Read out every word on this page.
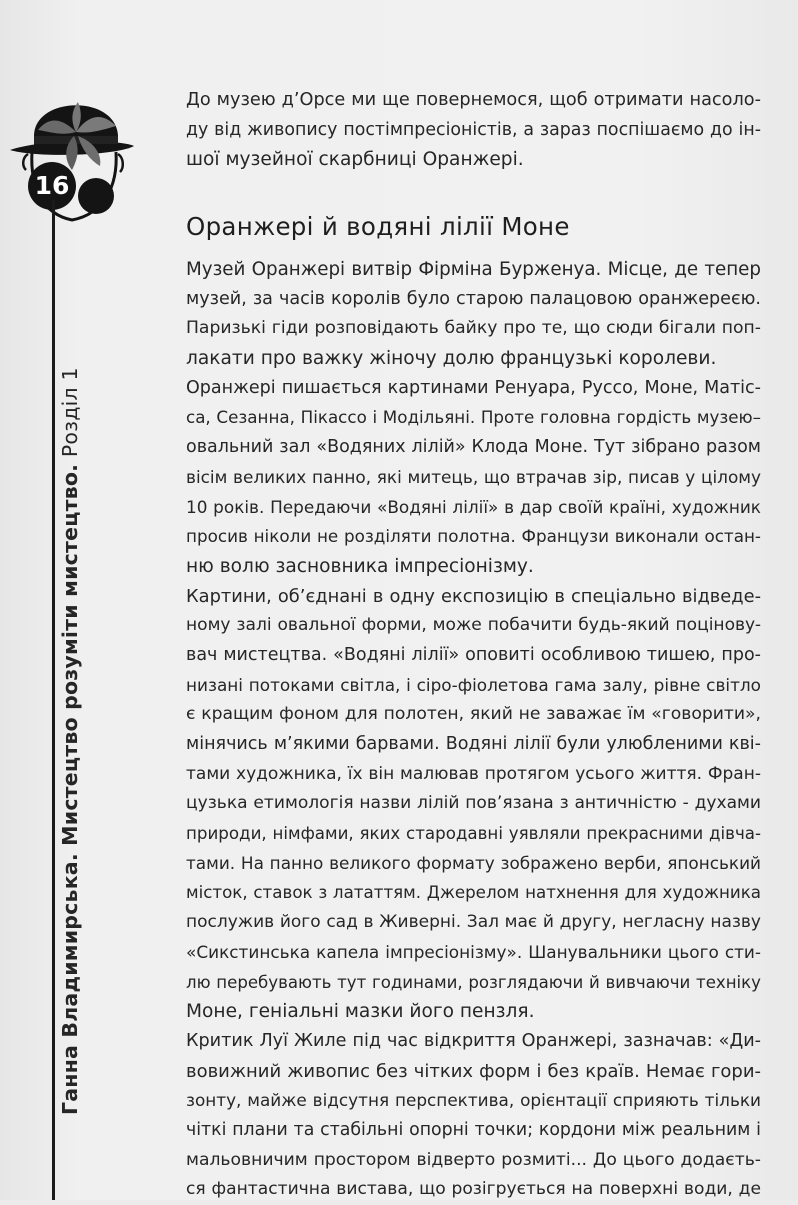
16
Ганна Владимирська. Мистецтво розуміти мистецтво. Розділ 1
До музею д’Орсе ми ще повернемося, щоб отримати насоло-
ду від живопису постімпресіоністів, а зараз поспішаємо до ін-
шої музейної скарбниці Оранжері.
Оранжері й водяні лілії Моне
Музей Оранжері витвір Фірміна Бурженуа. Місце, де тепер
музей, за часів королів було старою палацовою оранжереєю.
Паризькі гіди розповідають байку про те, що сюди бігали поп-
лакати про важку жіночу долю французькі королеви.
Оранжері пишається картинами Ренуара, Руссо, Моне, Матіс-
са, Сезанна, Пікассо і Модільяні. Проте головна гордість музею–
овальний зал «Водяних лілій» Клода Моне. Тут зібрано разом
вісім великих панно, які митець, що втрачав зір, писав у цілому
10 років. Передаючи «Водяні лілії» в дар своїй країні, художник
просив ніколи не розділяти полотна. Французи виконали остан-
ню волю засновника імпресіонізму.
Картини, об’єднані в одну експозицію в спеціально відведе-
ному залі овальної форми, може побачити будь-який поціновy-
вач мистецтва. «Водяні лілії» оповиті особливою тишею, про-
низані потоками світла, і сіро-фіолетова гама залу, рівне світло
є кращим фоном для полотен, який не заважає їм «говорити»,
мінячись м’якими барвами. Водяні лілії були улюбленими кві-
тами художника, їх він малював протягом усього життя. Фран-
цузька етимологія назви лілій пов’язана з античністю - духами
природи, німфами, яких стародавні уявляли прекрасними дівча-
тами. На панно великого формату зображено верби, японський
місток, ставок з лататтям. Джерелом натхнення для художника
послужив його сад в Живерні. Зал має й другу, негласну назву
«Сикстинська капела імпресіонізму». Шанувальники цього сти-
лю перебувають тут годинами, розглядаючи й вивчаючи техніку
Моне, геніальні мазки його пензля.
Критик Луї Жиле під час відкриття Оранжері, зазначав: «Ди-
вовижний живопис без чітких форм і без країв. Немає гори-
зонту, майже відсутня перспектива, орієнтації сприяють тільки
чіткі плани та стабільні опорні точки; кордони між реальним і
мальовничим простором відверто розмиті... До цього додаєть-
ся фантастична вистава, що розігрується на поверхні води, де
